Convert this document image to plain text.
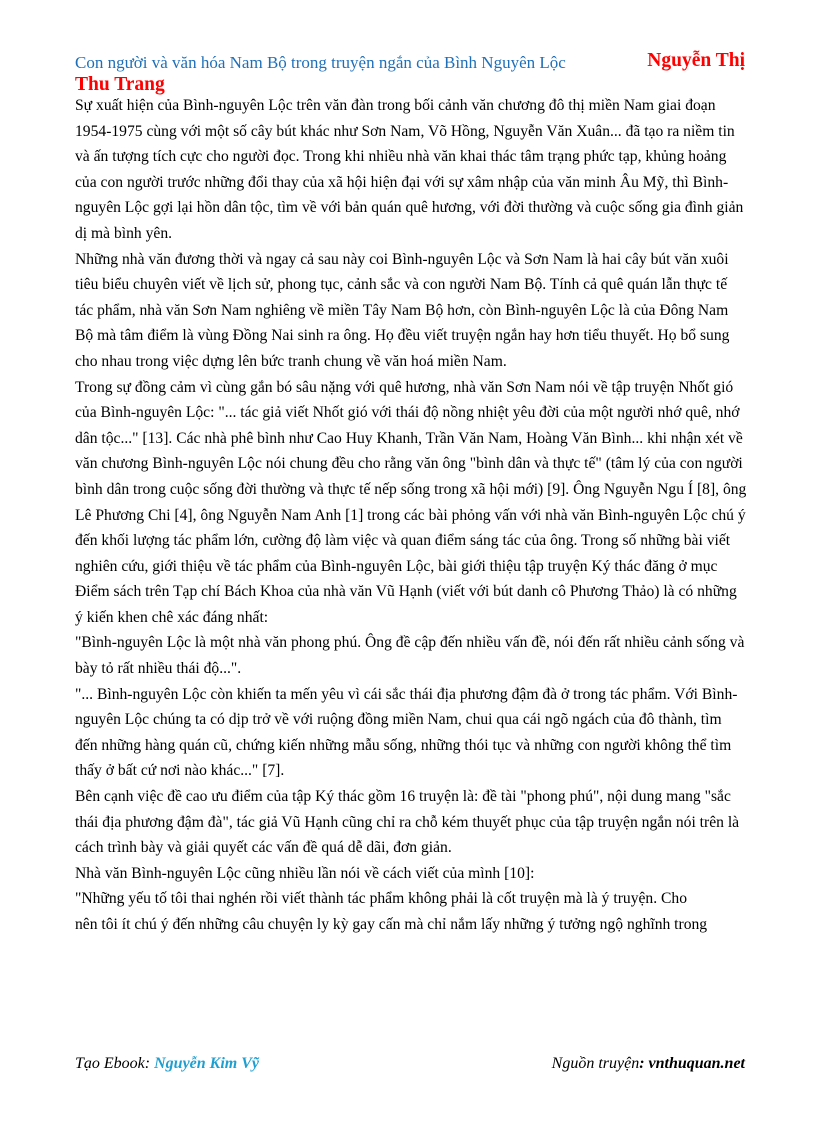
Con người và văn hóa Nam Bộ trong truyện ngắn của Bình Nguyên Lộc	Nguyễn Thị
Thu Trang

Sự xuất hiện của Bình-nguyên Lộc trên văn đàn trong bối cảnh văn chương đô thị miền Nam giai đoạn 1954-1975 cùng với một số cây bút khác như Sơn Nam, Võ Hồng, Nguyễn Văn Xuân... đã tạo ra niềm tin và ấn tượng tích cực cho người đọc. Trong khi nhiều nhà văn khai thác tâm trạng phức tạp, khủng hoảng của con người trước những đổi thay của xã hội hiện đại với sự xâm nhập của văn minh Âu Mỹ, thì Bình-nguyên Lộc gợi lại hồn dân tộc, tìm về với bản quán quê hương, với đời thường và cuộc sống gia đình giản dị mà bình yên.

Những nhà văn đương thời và ngay cả sau này coi Bình-nguyên Lộc và Sơn Nam là hai cây bút văn xuôi tiêu biểu chuyên viết về lịch sử, phong tục, cảnh sắc và con người Nam Bộ. Tính cả quê quán lẫn thực tế tác phẩm, nhà văn Sơn Nam nghiêng về miền Tây Nam Bộ hơn, còn Bình-nguyên Lộc là của Đông Nam Bộ mà tâm điểm là vùng Đồng Nai sinh ra ông. Họ đều viết truyện ngắn hay hơn tiểu thuyết. Họ bổ sung cho nhau trong việc dựng lên bức tranh chung về văn hoá miền Nam.

Trong sự đồng cảm vì cùng gắn bó sâu nặng với quê hương, nhà văn Sơn Nam nói về tập truyện Nhốt gió của Bình-nguyên Lộc: "... tác giả viết Nhốt gió với thái độ nồng nhiệt yêu đời của một người nhớ quê, nhớ dân tộc..." [13]. Các nhà phê bình như Cao Huy Khanh, Trần Văn Nam, Hoàng Văn Bình... khi nhận xét về văn chương Bình-nguyên Lộc nói chung đều cho rằng văn ông "bình dân và thực tế" (tâm lý của con người bình dân trong cuộc sống đời thường và thực tế nếp sống trong xã hội mới) [9]. Ông Nguyễn Ngu Í [8], ông Lê Phương Chi [4], ông Nguyễn Nam Anh [1] trong các bài phỏng vấn với nhà văn Bình-nguyên Lộc chú ý đến khối lượng tác phẩm lớn, cường độ làm việc và quan điểm sáng tác của ông. Trong số những bài viết nghiên cứu, giới thiệu về tác phẩm của Bình-nguyên Lộc, bài giới thiệu tập truyện Ký thác đăng ở mục Điểm sách trên Tạp chí Bách Khoa của nhà văn Vũ Hạnh (viết với bút danh cô Phương Thảo) là có những ý kiến khen chê xác đáng nhất:

"Bình-nguyên Lộc là một nhà văn phong phú. Ông đề cập đến nhiều vấn đề, nói đến rất nhiều cảnh sống và bày tỏ rất nhiều thái độ...".

"... Bình-nguyên Lộc còn khiến ta mến yêu vì cái sắc thái địa phương đậm đà ở trong tác phẩm. Với Bình-nguyên Lộc chúng ta có dịp trở về với ruộng đồng miền Nam, chui qua cái ngõ ngách của đô thành, tìm đến những hàng quán cũ, chứng kiến những mẫu sống, những thói tục và những con người không thể tìm thấy ở bất cứ nơi nào khác..." [7].

Bên cạnh việc đề cao ưu điểm của tập Ký thác gồm 16 truyện là: đề tài "phong phú", nội dung mang "sắc thái địa phương đậm đà", tác giả Vũ Hạnh cũng chỉ ra chỗ kém thuyết phục của tập truyện ngắn nói trên là cách trình bày và giải quyết các vấn đề quá dễ dãi, đơn giản.

Nhà văn Bình-nguyên Lộc cũng nhiều lần nói về cách viết của mình [10]:

"Những yếu tố tôi thai nghén rồi viết thành tác phẩm không phải là cốt truyện mà là ý truyện. Cho

nên tôi ít chú ý đến những câu chuyện ly kỳ gay cấn mà chỉ nắm lấy những ý tưởng ngộ nghĩnh trong

Tạo Ebook: Nguyễn Kim Vỹ	Nguồn truyện: vnthuquan.net
